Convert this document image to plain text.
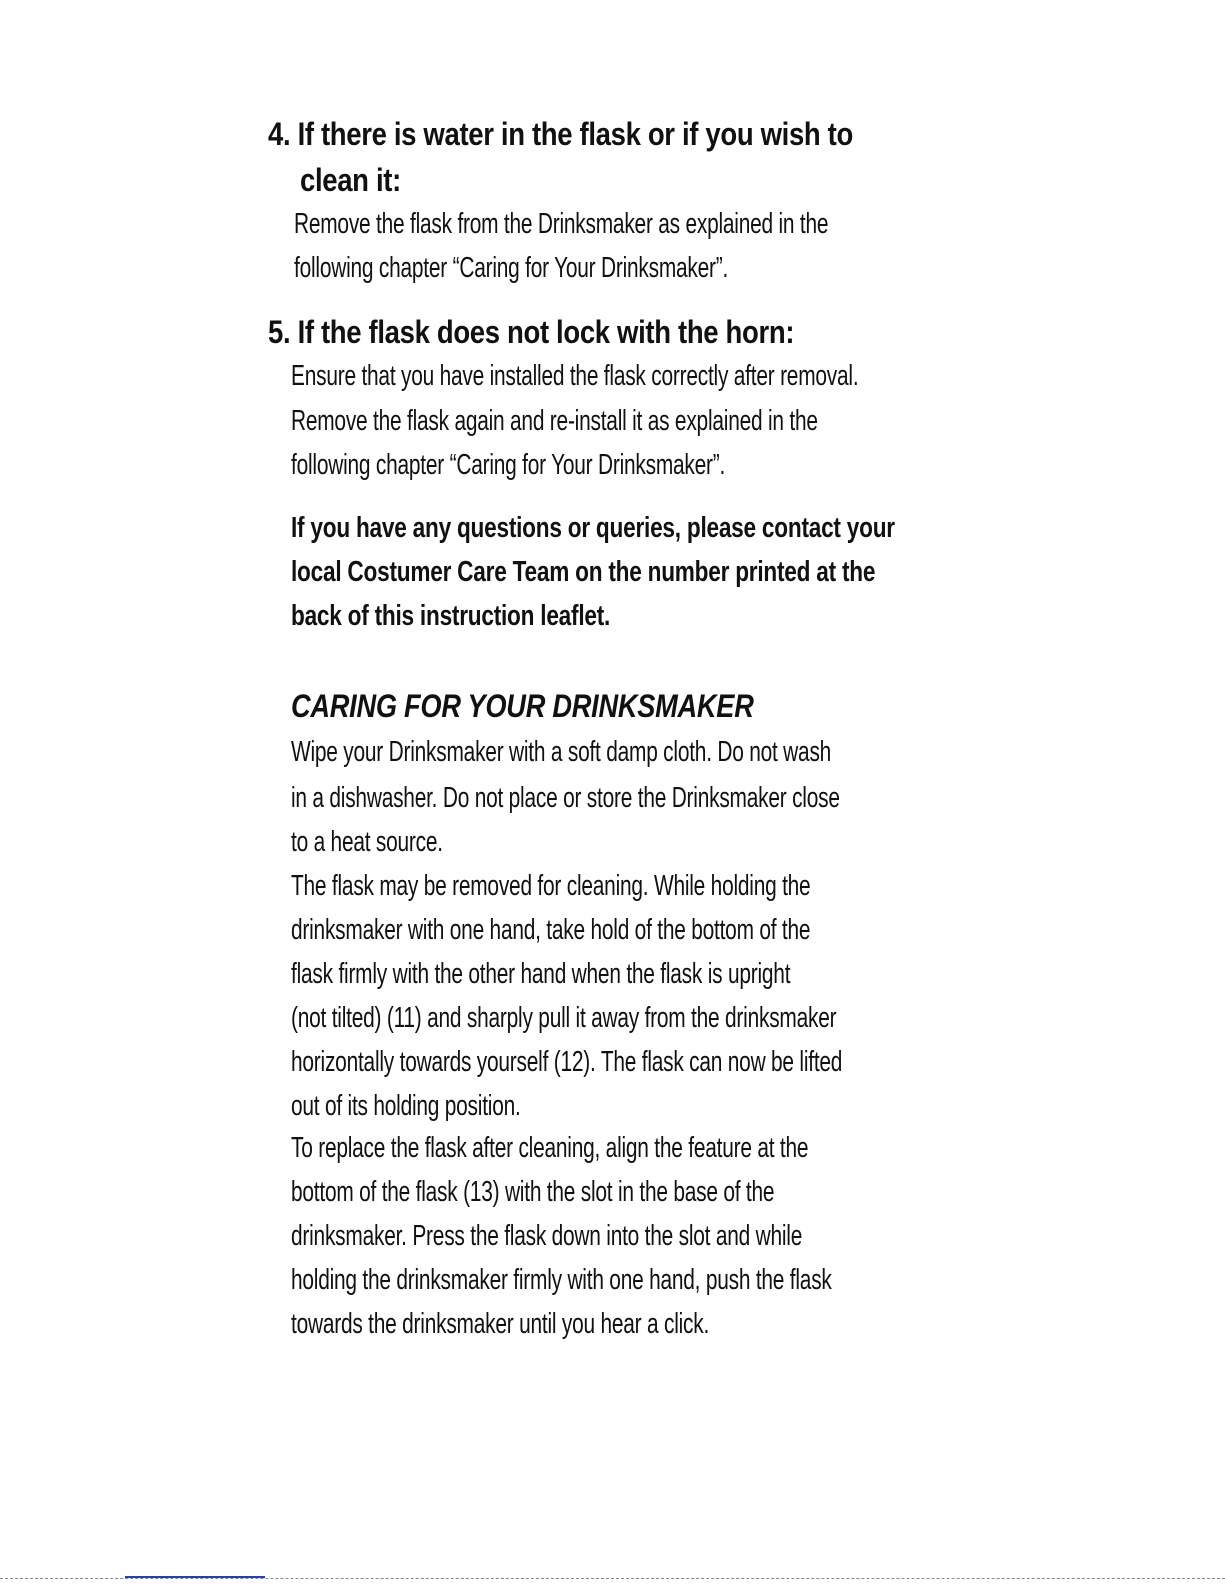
4. If there is water in the flask or if you wish to
clean it:
Remove the flask from the Drinksmaker as explained in the
following chapter “Caring for Your Drinksmaker”.
5. If the flask does not lock with the horn:
Ensure that you have installed the flask correctly after removal.
Remove the flask again and re-install it as explained in the
following chapter “Caring for Your Drinksmaker”.
If you have any questions or queries, please contact your
local Costumer Care Team on the number printed at the
back of this instruction leaflet.
CARING FOR YOUR DRINKSMAKER
Wipe your Drinksmaker with a soft damp cloth. Do not wash
in a dishwasher. Do not place or store the Drinksmaker close
to a heat source.
The flask may be removed for cleaning. While holding the
drinksmaker with one hand, take hold of the bottom of the
flask firmly with the other hand when the flask is upright
(not tilted) (11) and sharply pull it away from the drinksmaker
horizontally towards yourself (12). The flask can now be lifted
out of its holding position.
To replace the flask after cleaning, align the feature at the
bottom of the flask (13) with the slot in the base of the
drinksmaker. Press the flask down into the slot and while
holding the drinksmaker firmly with one hand, push the flask
towards the drinksmaker until you hear a click.
